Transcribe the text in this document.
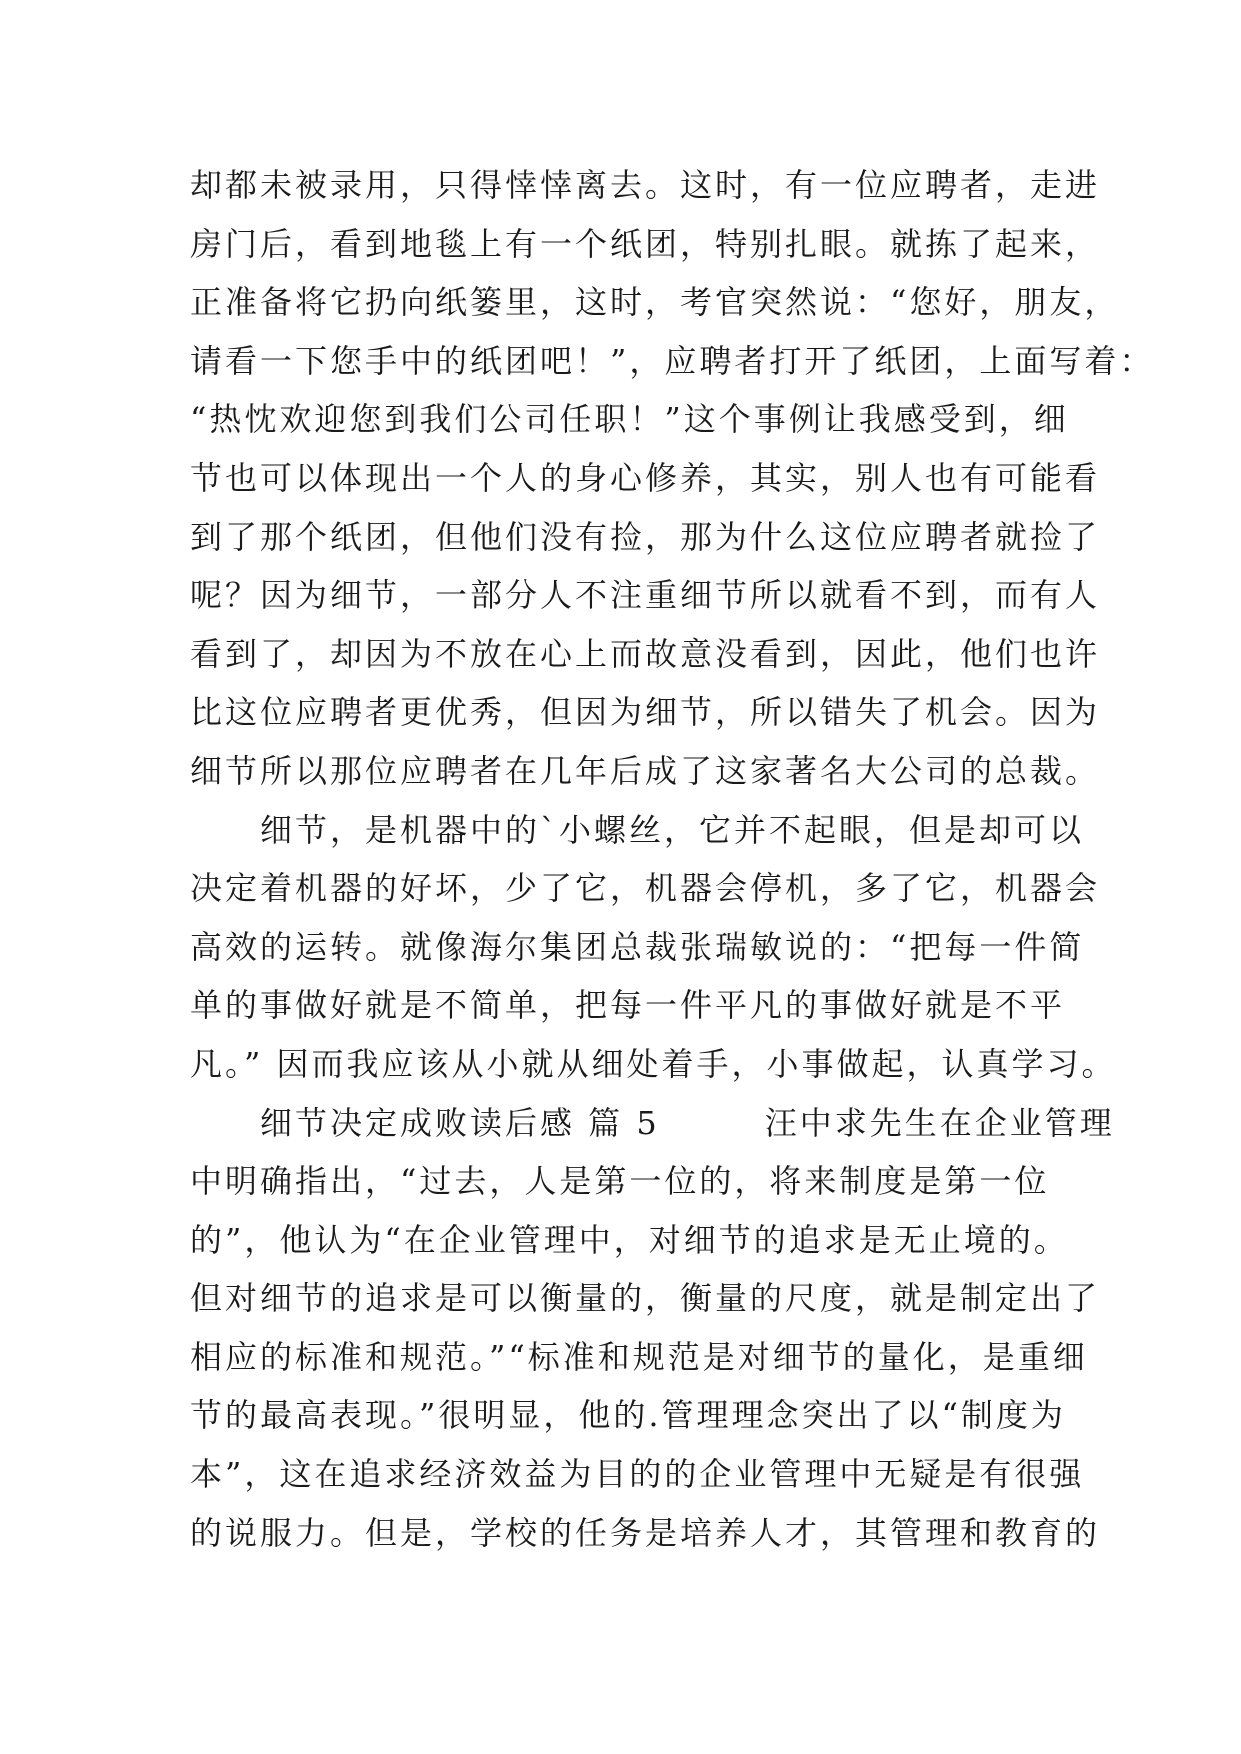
却都未被录用，只得悻悻离去。这时，有一位应聘者，走进
房门后，看到地毯上有一个纸团，特别扎眼。就拣了起来，
正准备将它扔向纸篓里，这时，考官突然说：“您好，朋友，
请看一下您手中的纸团吧！”，应聘者打开了纸团，上面写着：
“热忱欢迎您到我们公司任职！”这个事例让我感受到，细
节也可以体现出一个人的身心修养，其实，别人也有可能看
到了那个纸团，但他们没有捡，那为什么这位应聘者就捡了
呢？因为细节，一部分人不注重细节所以就看不到，而有人
看到了，却因为不放在心上而故意没看到，因此，他们也许
比这位应聘者更优秀，但因为细节，所以错失了机会。因为
细节所以那位应聘者在几年后成了这家著名大公司的总裁。
　　细节，是机器中的`小螺丝，它并不起眼，但是却可以
决定着机器的好坏，少了它，机器会停机，多了它，机器会
高效的运转。就像海尔集团总裁张瑞敏说的：“把每一件简
单的事做好就是不简单，把每一件平凡的事做好就是不平
凡。” 因而我应该从小就从细处着手，小事做起，认真学习。
　　细节决定成败读后感 篇 5　　　汪中求先生在企业管理
中明确指出，“过去，人是第一位的，将来制度是第一位
的”，他认为“在企业管理中，对细节的追求是无止境的。
但对细节的追求是可以衡量的，衡量的尺度，就是制定出了
相应的标准和规范。”“标准和规范是对细节的量化，是重细
节的最高表现。”很明显，他的.管理理念突出了以“制度为
本”，这在追求经济效益为目的的企业管理中无疑是有很强
的说服力。但是，学校的任务是培养人才，其管理和教育的
